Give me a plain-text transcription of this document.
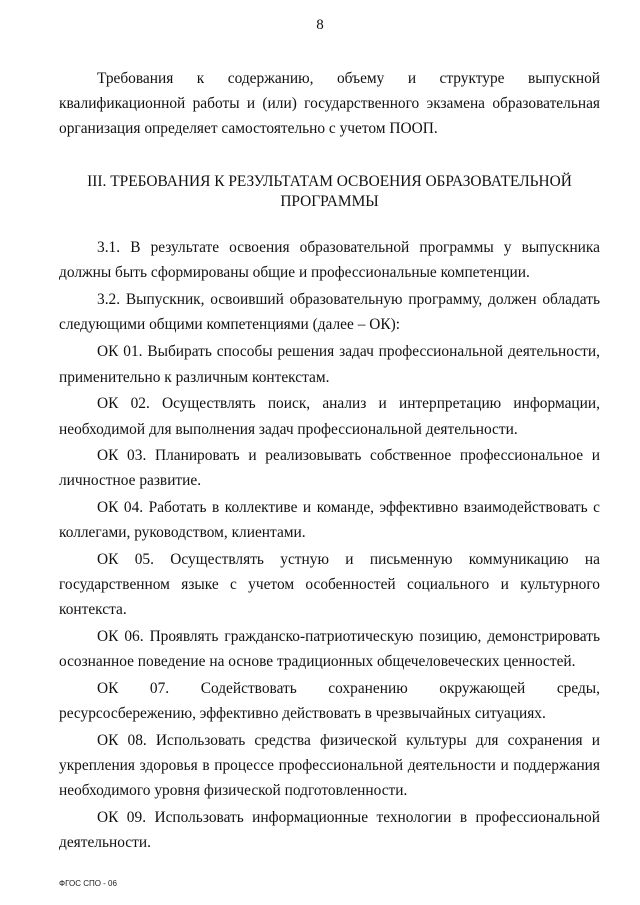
8

Требования к содержанию, объему и структуре выпускной квалификационной работы и (или) государственного экзамена образовательная организация определяет самостоятельно с учетом ПООП.

III. ТРЕБОВАНИЯ К РЕЗУЛЬТАТАМ ОСВОЕНИЯ ОБРАЗОВАТЕЛЬНОЙ
ПРОГРАММЫ

3.1. В результате освоения образовательной программы у выпускника должны быть сформированы общие и профессиональные компетенции.

3.2. Выпускник, освоивший образовательную программу, должен обладать следующими общими компетенциями (далее – ОК):

ОК 01. Выбирать способы решения задач профессиональной деятельности, применительно к различным контекстам.

ОК 02. Осуществлять поиск, анализ и интерпретацию информации, необходимой для выполнения задач профессиональной деятельности.

ОК 03. Планировать и реализовывать собственное профессиональное и личностное развитие.

ОК 04. Работать в коллективе и команде, эффективно взаимодействовать с коллегами, руководством, клиентами.

ОК 05. Осуществлять устную и письменную коммуникацию на государственном языке с учетом особенностей социального и культурного контекста.

ОК 06. Проявлять гражданско-патриотическую позицию, демонстрировать осознанное поведение на основе традиционных общечеловеческих ценностей.

ОК 07. Содействовать сохранению окружающей среды, ресурсосбережению, эффективно действовать в чрезвычайных ситуациях.

ОК 08. Использовать средства физической культуры для сохранения и укрепления здоровья в процессе профессиональной деятельности и поддержания необходимого уровня физической подготовленности.

ОК 09. Использовать информационные технологии в профессиональной деятельности.

ФГОС СПО - 06
